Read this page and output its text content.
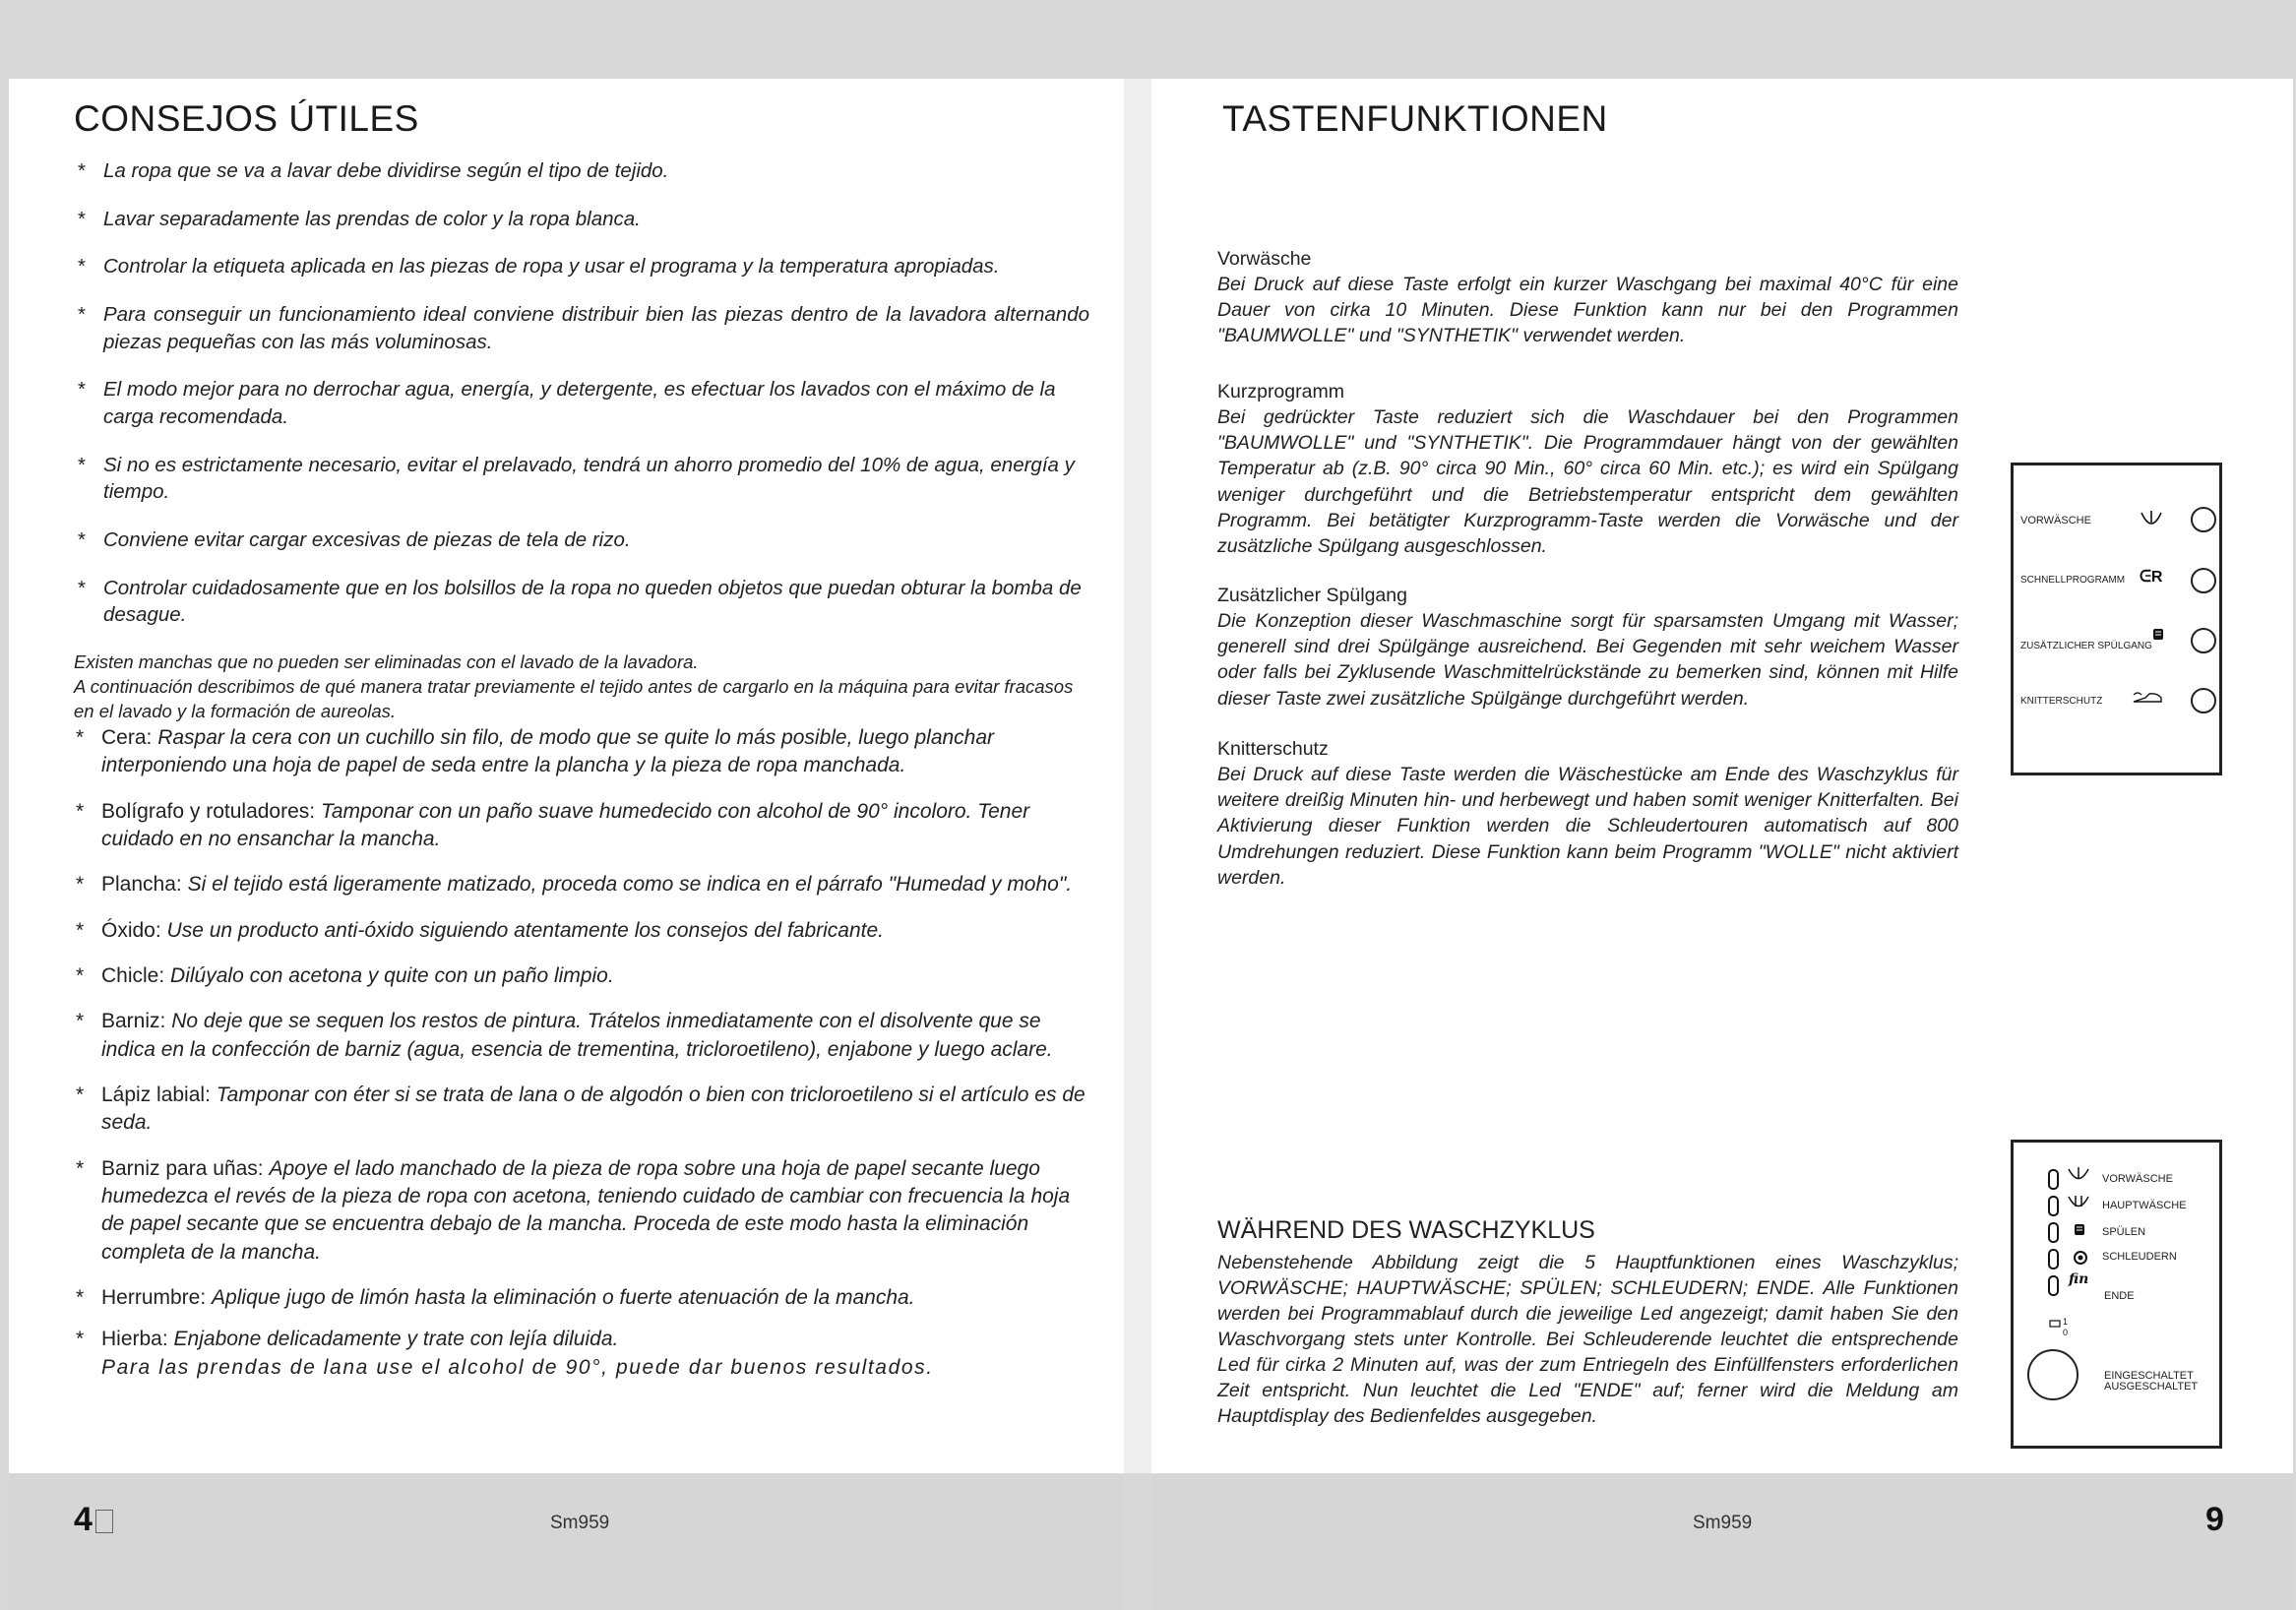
CONSEJOS ÚTILES
* La ropa que se va a lavar debe dividirse según el tipo de tejido.
* Lavar separadamente las prendas de color y la ropa blanca.
* Controlar la etiqueta aplicada en las piezas de ropa y usar el programa y la temperatura apropiadas.
* Para conseguir un funcionamiento ideal conviene distribuir bien las piezas dentro de la lavadora alternando piezas pequeñas con las más voluminosas.
* El modo mejor para no derrochar agua, energía, y detergente, es efectuar los lavados con el máximo de la carga recomendada.
* Si no es estrictamente necesario, evitar el prelavado, tendrá un ahorro promedio del 10% de agua, energía y tiempo.
* Conviene evitar cargar excesivas de piezas de tela de rizo.
* Controlar cuidadosamente que en los bolsillos de la ropa no queden objetos que puedan obturar la bomba de desague.
Existen manchas que no pueden ser eliminadas con el lavado de la lavadora.
A continuación describimos de qué manera tratar previamente el tejido antes de cargarlo en la máquina para evitar fracasos en el lavado y la formación de aureolas.
* Cera: Raspar la cera con un cuchillo sin filo, de modo que se quite lo más posible, luego planchar interponiendo una hoja de papel de seda entre la plancha y la pieza de ropa manchada.
* Bolígrafo y rotuladores: Tamponar con un paño suave humedecido con alcohol de 90° incoloro. Tener cuidado en no ensanchar la mancha.
* Plancha: Si el tejido está ligeramente matizado, proceda como se indica en el párrafo "Humedad y moho".
* Óxido: Use un producto anti-óxido siguiendo atentamente los consejos del fabricante.
* Chicle: Dilúyalo con acetona y quite con un paño limpio.
* Barniz: No deje que se sequen los restos de pintura. Trátelos inmediatamente con el disolvente que se indica en la confección de barniz (agua, esencia de trementina, tricloroetileno), enjabone y luego aclare.
* Lápiz labial: Tamponar con éter si se trata de lana o de algodón o bien con tricloroetileno si el artículo es de seda.
* Barniz para uñas: Apoye el lado manchado de la pieza de ropa sobre una hoja de papel secante luego humedezca el revés de la pieza de ropa con acetona, teniendo cuidado de cambiar con frecuencia la hoja de papel secante que se encuentra debajo de la mancha. Proceda de este modo hasta la eliminación completa de la mancha.
* Herrumbre: Aplique jugo de limón hasta la eliminación o fuerte atenuación de la mancha.
* Hierba: Enjabone delicadamente y trate con lejía diluida.
Para las prendas de lana use el alcohol de 90°, puede dar buenos resultados.
TASTENFUNKTIONEN
Vorwäsche
Bei Druck auf diese Taste erfolgt ein kurzer Waschgang bei maximal 40°C für eine Dauer von cirka 10 Minuten. Diese Funktion kann nur bei den Programmen "BAUMWOLLE" und "SYNTHETIK" verwendet werden.
Kurzprogramm
Bei gedrückter Taste reduziert sich die Waschdauer bei den Programmen "BAUMWOLLE" und "SYNTHETIK". Die Programmdauer hängt von der gewählten Temperatur ab (z.B. 90° circa 90 Min., 60° circa 60 Min. etc.); es wird ein Spülgang weniger durchgeführt und die Betriebstemperatur entspricht dem gewählten Programm. Bei betätigter Kurzprogramm-Taste werden die Vorwäsche und der zusätzliche Spülgang ausgeschlossen.
Zusätzlicher Spülgang
Die Konzeption dieser Waschmaschine sorgt für sparsamsten Umgang mit Wasser; generell sind drei Spülgänge ausreichend. Bei Gegenden mit sehr weichem Wasser oder falls bei Zyklusende Waschmittelrückstände zu bemerken sind, können mit Hilfe dieser Taste zwei zusätzliche Spülgänge durchgeführt werden.
Knitterschutz
Bei Druck auf diese Taste werden die Wäschestücke am Ende des Waschzyklus für weitere dreißig Minuten hin- und herbewegt und haben somit weniger Knitterfalten. Bei Aktivierung dieser Funktion werden die Schleudertouren automatisch auf 800 Umdrehungen reduziert. Diese Funktion kann beim Programm "WOLLE" nicht aktiviert werden.
WÄHREND DES WASCHZYKLUS
Nebenstehende Abbildung zeigt die 5 Hauptfunktionen eines Waschzyklus; VORWÄSCHE; HAUPTWÄSCHE; SPÜLEN; SCHLEUDERN; ENDE. Alle Funktionen werden bei Programmablauf durch die jeweilige Led angezeigt; damit haben Sie den Waschvorgang stets unter Kontrolle. Bei Schleuderende leuchtet die entsprechende Led für cirka 2 Minuten auf, was der zum Entriegeln des Einfüllfensters erforderlichen Zeit entspricht. Nun leuchtet die Led "ENDE" auf; ferner wird die Meldung am Hauptdisplay des Bedienfeldes ausgegeben.
VORWÄSCHE
SCHNELLPROGRAMM ᕮR
ZUSÄTZLICHER SPÜLGANG
KNITTERSCHUTZ
VORWÄSCHE
HAUPTWÄSCHE
SPÜLEN
SCHLEUDERN
fin
ENDE
1 0
EINGESCHALTET
AUSGESCHALTET
4	Sm959	Sm959	9
